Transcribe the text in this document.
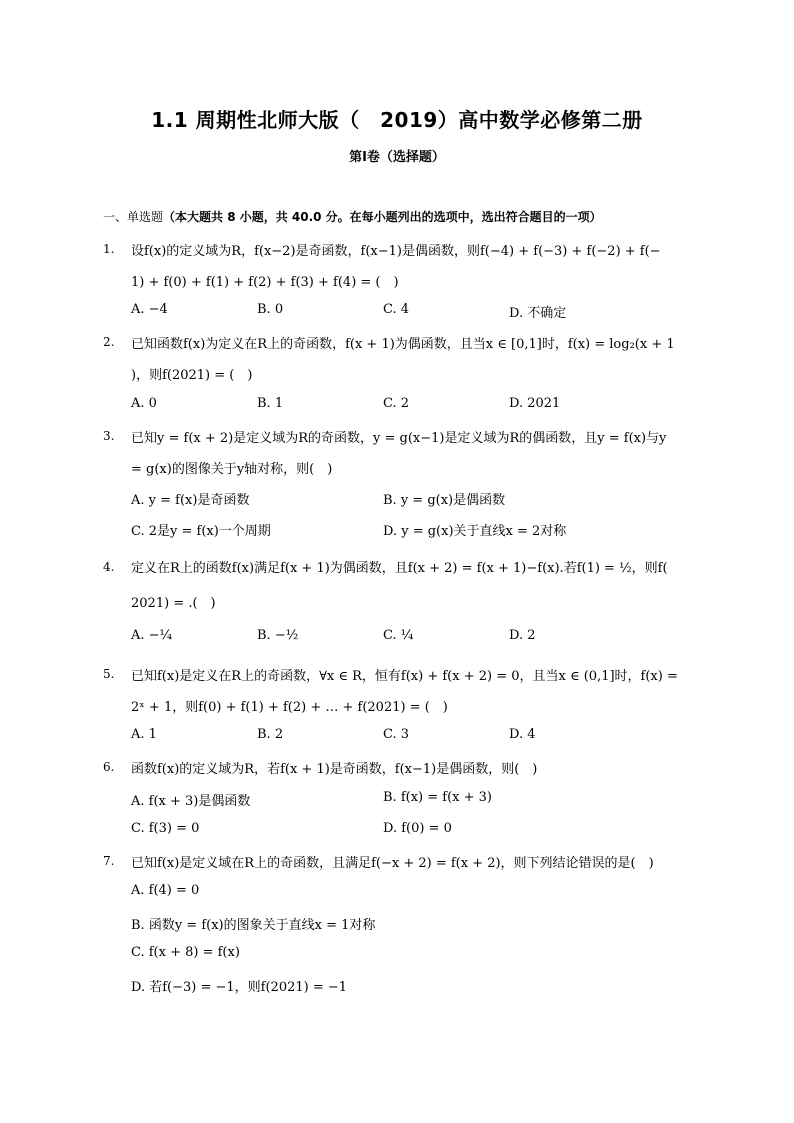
1.1 周期性北师大版（　2019）高中数学必修第二册
第Ⅰ卷（选择题）
一、单选题（本大题共 8 小题，共 40.0 分。在每小题列出的选项中，选出符合题目的一项）
1. 设f(x)的定义域为R，f(x−2)是奇函数，f(x−1)是偶函数，则f(−4) + f(−3) + f(−2) + f(−
1) + f(0) + f(1) + f(2) + f(3) + f(4) = (　)
A. −4	B. 0	C. 4	D. 不确定
2. 已知函数f(x)为定义在R上的奇函数，f(x + 1)为偶函数，且当x ∈ [0,1]时，f(x) = log₂(x + 1
)，则f(2021) = (　)
A. 0	B. 1	C. 2	D. 2021
3. 已知y = f(x + 2)是定义域为R的奇函数，y = g(x−1)是定义域为R的偶函数，且y = f(x)与y
= g(x)的图像关于y轴对称，则(　)
A. y = f(x)是奇函数	B. y = g(x)是偶函数
C. 2是y = f(x)一个周期	D. y = g(x)关于直线x = 2对称
4. 定义在R上的函数f(x)满足f(x + 1)为偶函数，且f(x + 2) = f(x + 1)−f(x).若f(1) = ½，则f(
2021) = .(　)
A. −¼	B. −½	C. ¼	D. 2
5. 已知f(x)是定义在R上的奇函数，∀x ∈ R，恒有f(x) + f(x + 2) = 0，且当x ∈ (0,1]时，f(x) =
2ˣ + 1，则f(0) + f(1) + f(2) + … + f(2021) = (　)
A. 1	B. 2	C. 3	D. 4
6. 函数f(x)的定义域为R，若f(x + 1)是奇函数，f(x−1)是偶函数，则(　)
A. f(x + 3)是偶函数	B. f(x) = f(x + 3)
C. f(3) = 0	D. f(0) = 0
7. 已知f(x)是定义域在R上的奇函数，且满足f(−x + 2) = f(x + 2)，则下列结论错误的是(　)
A. f(4) = 0
B. 函数y = f(x)的图象关于直线x = 1对称
C. f(x + 8) = f(x)
D. 若f(−3) = −1，则f(2021) = −1
